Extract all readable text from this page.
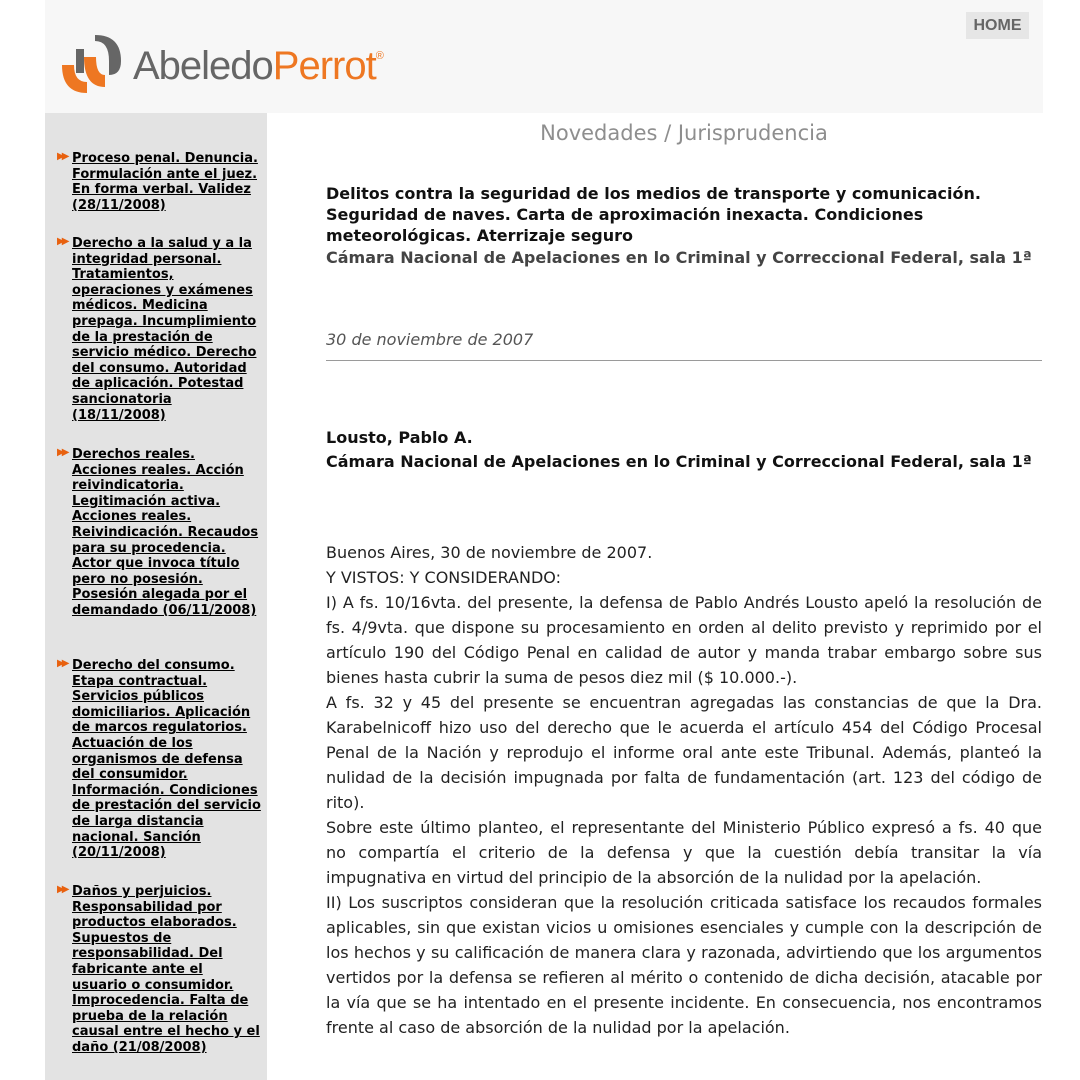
AbeledoPerrot®
HOME
▶▶ Proceso penal. Denuncia. Formulación ante el juez. En forma verbal. Validez (28/11/2008)
▶▶ Derecho a la salud y a la integridad personal. Tratamientos, operaciones y exámenes médicos. Medicina prepaga. Incumplimiento de la prestación de servicio médico. Derecho del consumo. Autoridad de aplicación. Potestad sancionatoria (18/11/2008)
▶▶ Derechos reales. Acciones reales. Acción reivindicatoria. Legitimación activa. Acciones reales. Reivindicación. Recaudos para su procedencia. Actor que invoca título pero no posesión. Posesión alegada por el demandado (06/11/2008)
▶▶ Derecho del consumo. Etapa contractual. Servicios públicos domiciliarios. Aplicación de marcos regulatorios. Actuación de los organismos de defensa del consumidor. Información. Condiciones de prestación del servicio de larga distancia nacional. Sanción (20/11/2008)
▶▶ Daños y perjuicios. Responsabilidad por productos elaborados. Supuestos de responsabilidad. Del fabricante ante el usuario o consumidor. Improcedencia. Falta de prueba de la relación causal entre el hecho y el daño (21/08/2008)
Novedades / Jurisprudencia
Delitos contra la seguridad de los medios de transporte y comunicación. Seguridad de naves. Carta de aproximación inexacta. Condiciones meteorológicas. Aterrizaje seguro
Cámara Nacional de Apelaciones en lo Criminal y Correccional Federal, sala 1ª
30 de noviembre de 2007
Lousto, Pablo A.
Cámara Nacional de Apelaciones en lo Criminal y Correccional Federal, sala 1ª

Buenos Aires, 30 de noviembre de 2007.

Y VISTOS: Y CONSIDERANDO:

I) A fs. 10/16vta. del presente, la defensa de Pablo Andrés Lousto apeló la resolución de fs. 4/9vta. que dispone su procesamiento en orden al delito previsto y reprimido por el artículo 190 del Código Penal en calidad de autor y manda trabar embargo sobre sus bienes hasta cubrir la suma de pesos diez mil ($ 10.000.-).

A fs. 32 y 45 del presente se encuentran agregadas las constancias de que la Dra. Karabelnicoff hizo uso del derecho que le acuerda el artículo 454 del Código Procesal Penal de la Nación y reprodujo el informe oral ante este Tribunal. Además, planteó la nulidad de la decisión impugnada por falta de fundamentación (art. 123 del código de rito).

Sobre este último planteo, el representante del Ministerio Público expresó a fs. 40 que no compartía el criterio de la defensa y que la cuestión debía transitar la vía impugnativa en virtud del principio de la absorción de la nulidad por la apelación.

II) Los suscriptos consideran que la resolución criticada satisface los recaudos formales aplicables, sin que existan vicios u omisiones esenciales y cumple con la descripción de los hechos y su calificación de manera clara y razonada, advirtiendo que los argumentos vertidos por la defensa se refieren al mérito o contenido de dicha decisión, atacable por la vía que se ha intentado en el presente incidente. En consecuencia, nos encontramos frente al caso de absorción de la nulidad por la apelación.
